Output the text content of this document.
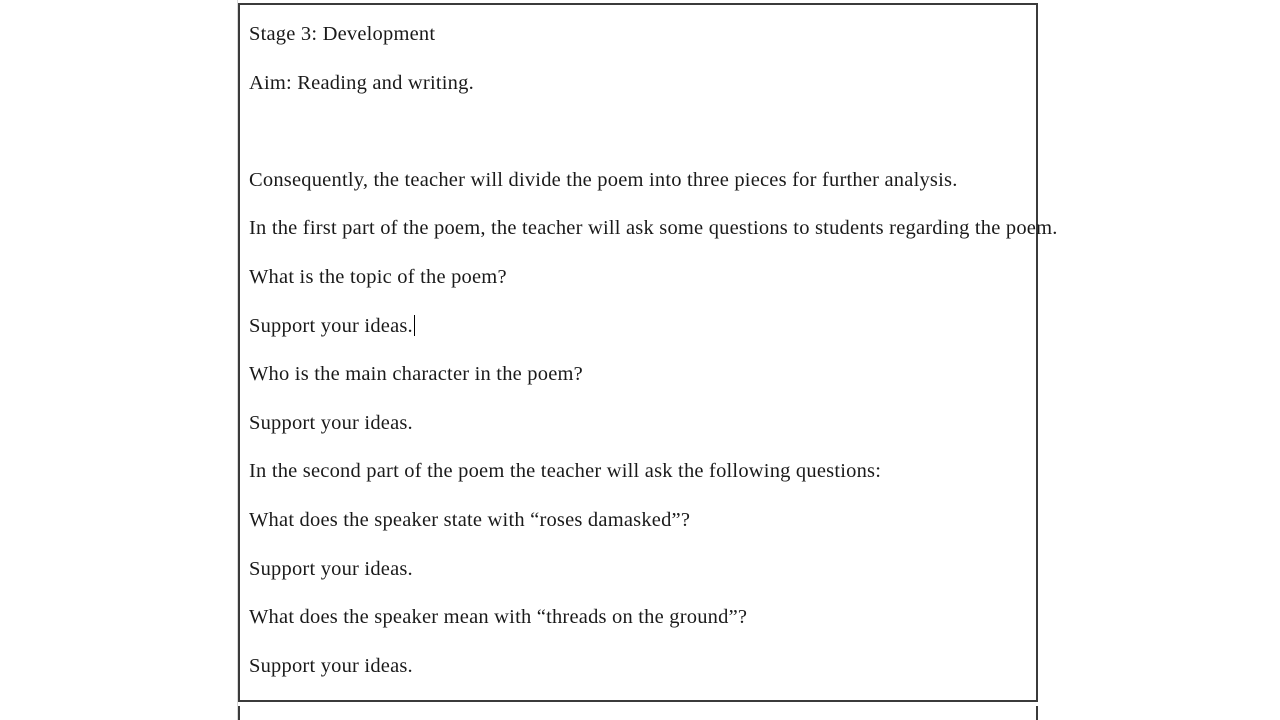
Stage 3: Development

Aim: Reading and writing.

Consequently, the teacher will divide the poem into three pieces for further analysis.

In the first part of the poem, the teacher will ask some questions to students regarding the poem.

What is the topic of the poem?

Support your ideas.

Who is the main character in the poem?

Support your ideas.

In the second part of the poem the teacher will ask the following questions:

What does the speaker state with “roses damasked”?

Support your ideas.

What does the speaker mean with “threads on the ground”?

Support your ideas.
